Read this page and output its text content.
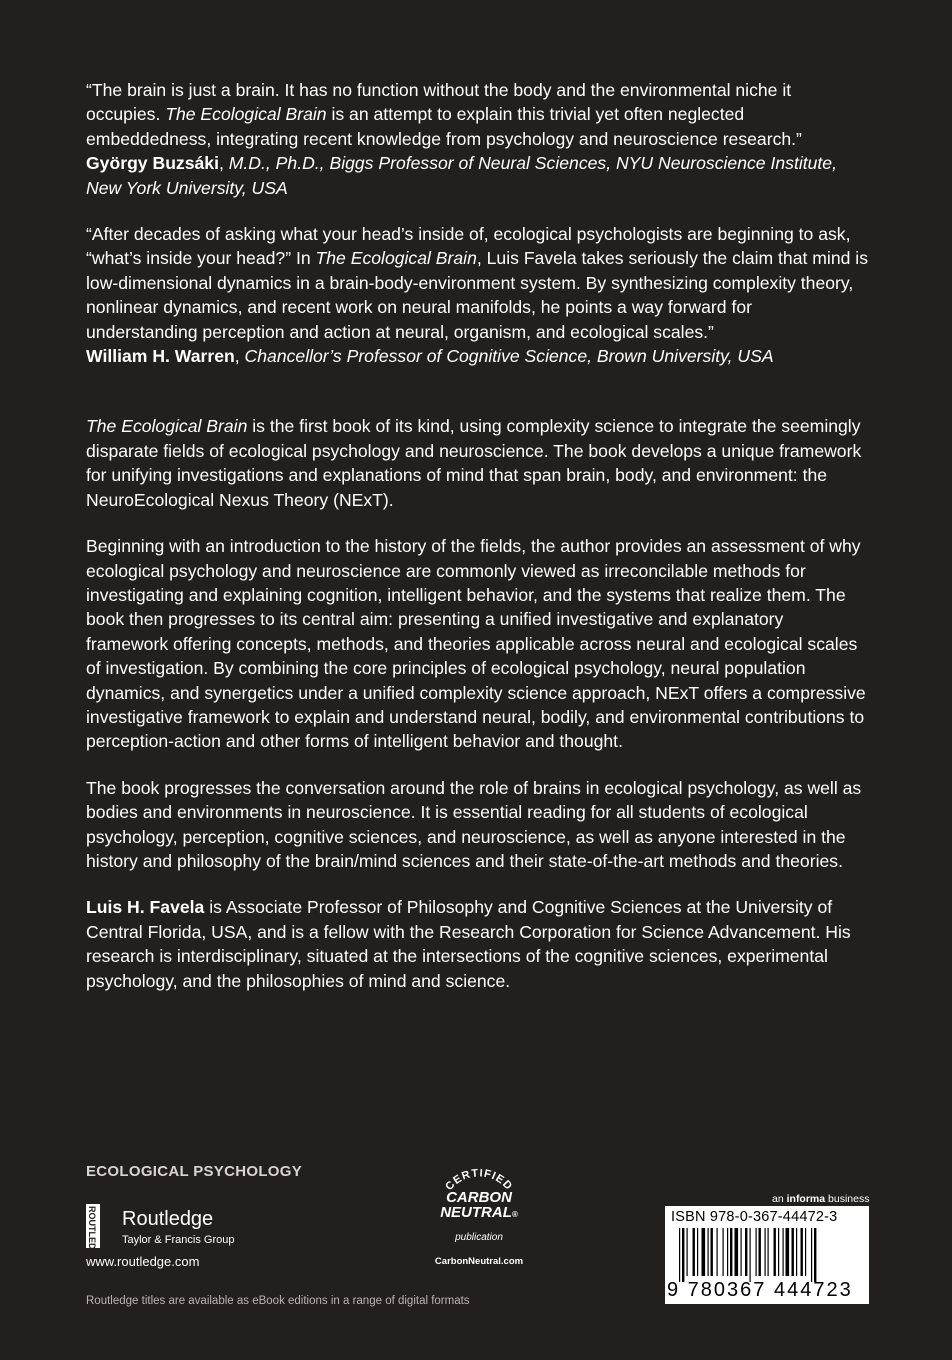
“The brain is just a brain. It has no function without the body and the environmental niche it occupies. The Ecological Brain is an attempt to explain this trivial yet often neglected embeddedness, integrating recent knowledge from psychology and neuroscience research.”
György Buzsáki, M.D., Ph.D., Biggs Professor of Neural Sciences, NYU Neuroscience Institute, New York University, USA

“After decades of asking what your head’s inside of, ecological psychologists are beginning to ask, “what’s inside your head?” In The Ecological Brain, Luis Favela takes seriously the claim that mind is low-dimensional dynamics in a brain-body-environment system. By synthesizing complexity theory, nonlinear dynamics, and recent work on neural manifolds, he points a way forward for understanding perception and action at neural, organism, and ecological scales.”
William H. Warren, Chancellor’s Professor of Cognitive Science, Brown University, USA

The Ecological Brain is the first book of its kind, using complexity science to integrate the seemingly disparate fields of ecological psychology and neuroscience. The book develops a unique framework for unifying investigations and explanations of mind that span brain, body, and environment: the NeuroEcological Nexus Theory (NExT).

Beginning with an introduction to the history of the fields, the author provides an assessment of why ecological psychology and neuroscience are commonly viewed as irreconcilable methods for investigating and explaining cognition, intelligent behavior, and the systems that realize them. The book then progresses to its central aim: presenting a unified investigative and explanatory framework offering concepts, methods, and theories applicable across neural and ecological scales of investigation. By combining the core principles of ecological psychology, neural population dynamics, and synergetics under a unified complexity science approach, NExT offers a compressive investigative framework to explain and understand neural, bodily, and environmental contributions to perception-action and other forms of intelligent behavior and thought.

The book progresses the conversation around the role of brains in ecological psychology, as well as bodies and environments in neuroscience. It is essential reading for all students of ecological psychology, perception, cognitive sciences, and neuroscience, as well as anyone interested in the history and philosophy of the brain/mind sciences and their state-of-the-art methods and theories.

Luis H. Favela is Associate Professor of Philosophy and Cognitive Sciences at the University of Central Florida, USA, and is a fellow with the Research Corporation for Science Advancement. His research is interdisciplinary, situated at the intersections of the cognitive sciences, experimental psychology, and the philosophies of mind and science.

ECOLOGICAL PSYCHOLOGY
ROUTLEDGE Routledge
Taylor & Francis Group
www.routledge.com
Routledge titles are available as eBook editions in a range of digital formats
CERTIFIED
CARBON
NEUTRAL®
publication
CarbonNeutral.com
an informa business
ISBN 978-0-367-44472-3
9 780367 444723
